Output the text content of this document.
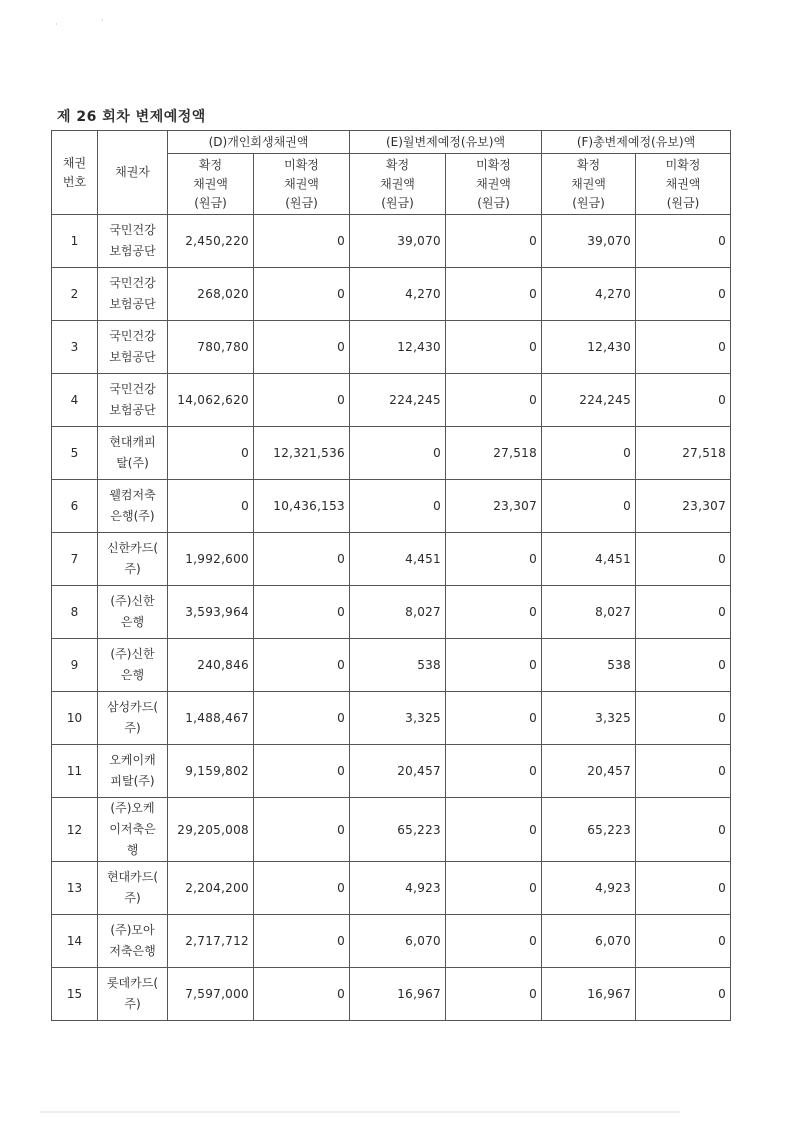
·	·
제 26 회차 변제예정액
채권
번호	채권자	(D)개인회생채권액		(E)월변제예정(유보)액		(F)총변제예정(유보)액	
		확정
채권액
(원금)	미확정
채권액
(원금)	확정
채권액
(원금)	미확정
채권액
(원금)	확정
채권액
(원금)	미확정
채권액
(원금)
1	국민건강
보험공단	2,450,220	0	39,070	0	39,070	0
2	국민건강
보험공단	268,020	0	4,270	0	4,270	0
3	국민건강
보험공단	780,780	0	12,430	0	12,430	0
4	국민건강
보험공단	14,062,620	0	224,245	0	224,245	0
5	현대캐피
탈(주)	0	12,321,536	0	27,518	0	27,518
6	웰컴저축
은행(주)	0	10,436,153	0	23,307	0	23,307
7	신한카드(
주)	1,992,600	0	4,451	0	4,451	0
8	(주)신한
은행	3,593,964	0	8,027	0	8,027	0
9	(주)신한
은행	240,846	0	538	0	538	0
10	삼성카드(
주)	1,488,467	0	3,325	0	3,325	0
11	오케이캐
피탈(주)	9,159,802	0	20,457	0	20,457	0
12	(주)오케
이저축은
행	29,205,008	0	65,223	0	65,223	0
13	현대카드(
주)	2,204,200	0	4,923	0	4,923	0
14	(주)모아
저축은행	2,717,712	0	6,070	0	6,070	0
15	롯데카드(
주)	7,597,000	0	16,967	0	16,967	0
